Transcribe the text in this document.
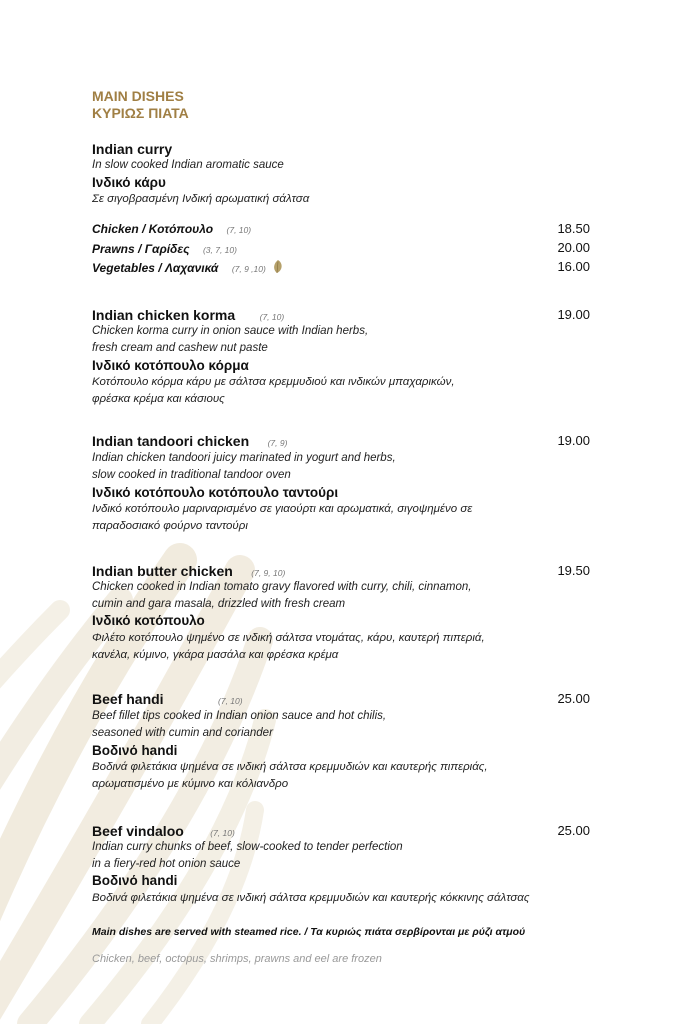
MAIN DISHES
ΚΥΡΙΩΣ ΠΙΑΤΑ
Indian curry
In slow cooked Indian aromatic sauce
Ινδικό κάρυ
Σε σιγοβρασμένη Ινδική αρωματική σάλτσα
Chicken / Κοτόπουλο (7, 10)	18.50
Prawns / Γαρίδες (3, 7, 10)	20.00
Vegetables / Λαχανικά (7, 9 ,10)	16.00
Indian chicken korma	(7, 10)	19.00
Chicken korma curry in onion sauce with Indian herbs,
fresh cream and cashew nut paste
Ινδικό κοτόπουλο κόρμα
Κοτόπουλο κόρμα κάρυ με σάλτσα κρεμμυδιού και ινδικών μπαχαρικών,
φρέσκα κρέμα και κάσιους
Indian tandoori chicken (7, 9)	19.00
Indian chicken tandoori juicy marinated in yogurt and herbs,
slow cooked in traditional tandoor oven
Ινδικό κοτόπουλο κοτόπουλο ταντούρι
Ινδικό κοτόπουλο μαριναρισμένο σε γιαούρτι και αρωματικά, σιγοψημένο σε
παραδοσιακό φούρνο ταντούρι
Indian butter chicken (7, 9, 10)	19.50
Chicken cooked in Indian tomato gravy flavored with curry, chili, cinnamon,
cumin and gara masala, drizzled with fresh cream
Ινδικό κοτόπουλο
Φιλέτο κοτόπουλο ψημένο σε ινδική σάλτσα ντομάτας, κάρυ, καυτερή πιπεριά,
κανέλα, κύμινο, γκάρα μασάλα και φρέσκα κρέμα
Beef handi	(7, 10)	25.00
Beef fillet tips cooked in Indian onion sauce and hot chilis,
seasoned with cumin and coriander
Βοδινό handi
Βοδινά φιλετάκια ψημένα σε ινδική σάλτσα κρεμμυδιών και καυτερής πιπεριάς,
αρωματισμένο με κύμινο και κόλιανδρο
Beef vindaloo	(7, 10)	25.00
Indian curry chunks of beef, slow-cooked to tender perfection
in a fiery-red hot onion sauce
Βοδινό handi
Βοδινά φιλετάκια ψημένα σε ινδική σάλτσα κρεμμυδιών και καυτερής κόκκινης σάλτσας
Main dishes are served with steamed rice. / Τα κυριώς πιάτα σερβίρονται με ρύζι ατμού
Chicken, beef, octopus, shrimps, prawns and eel are frozen
